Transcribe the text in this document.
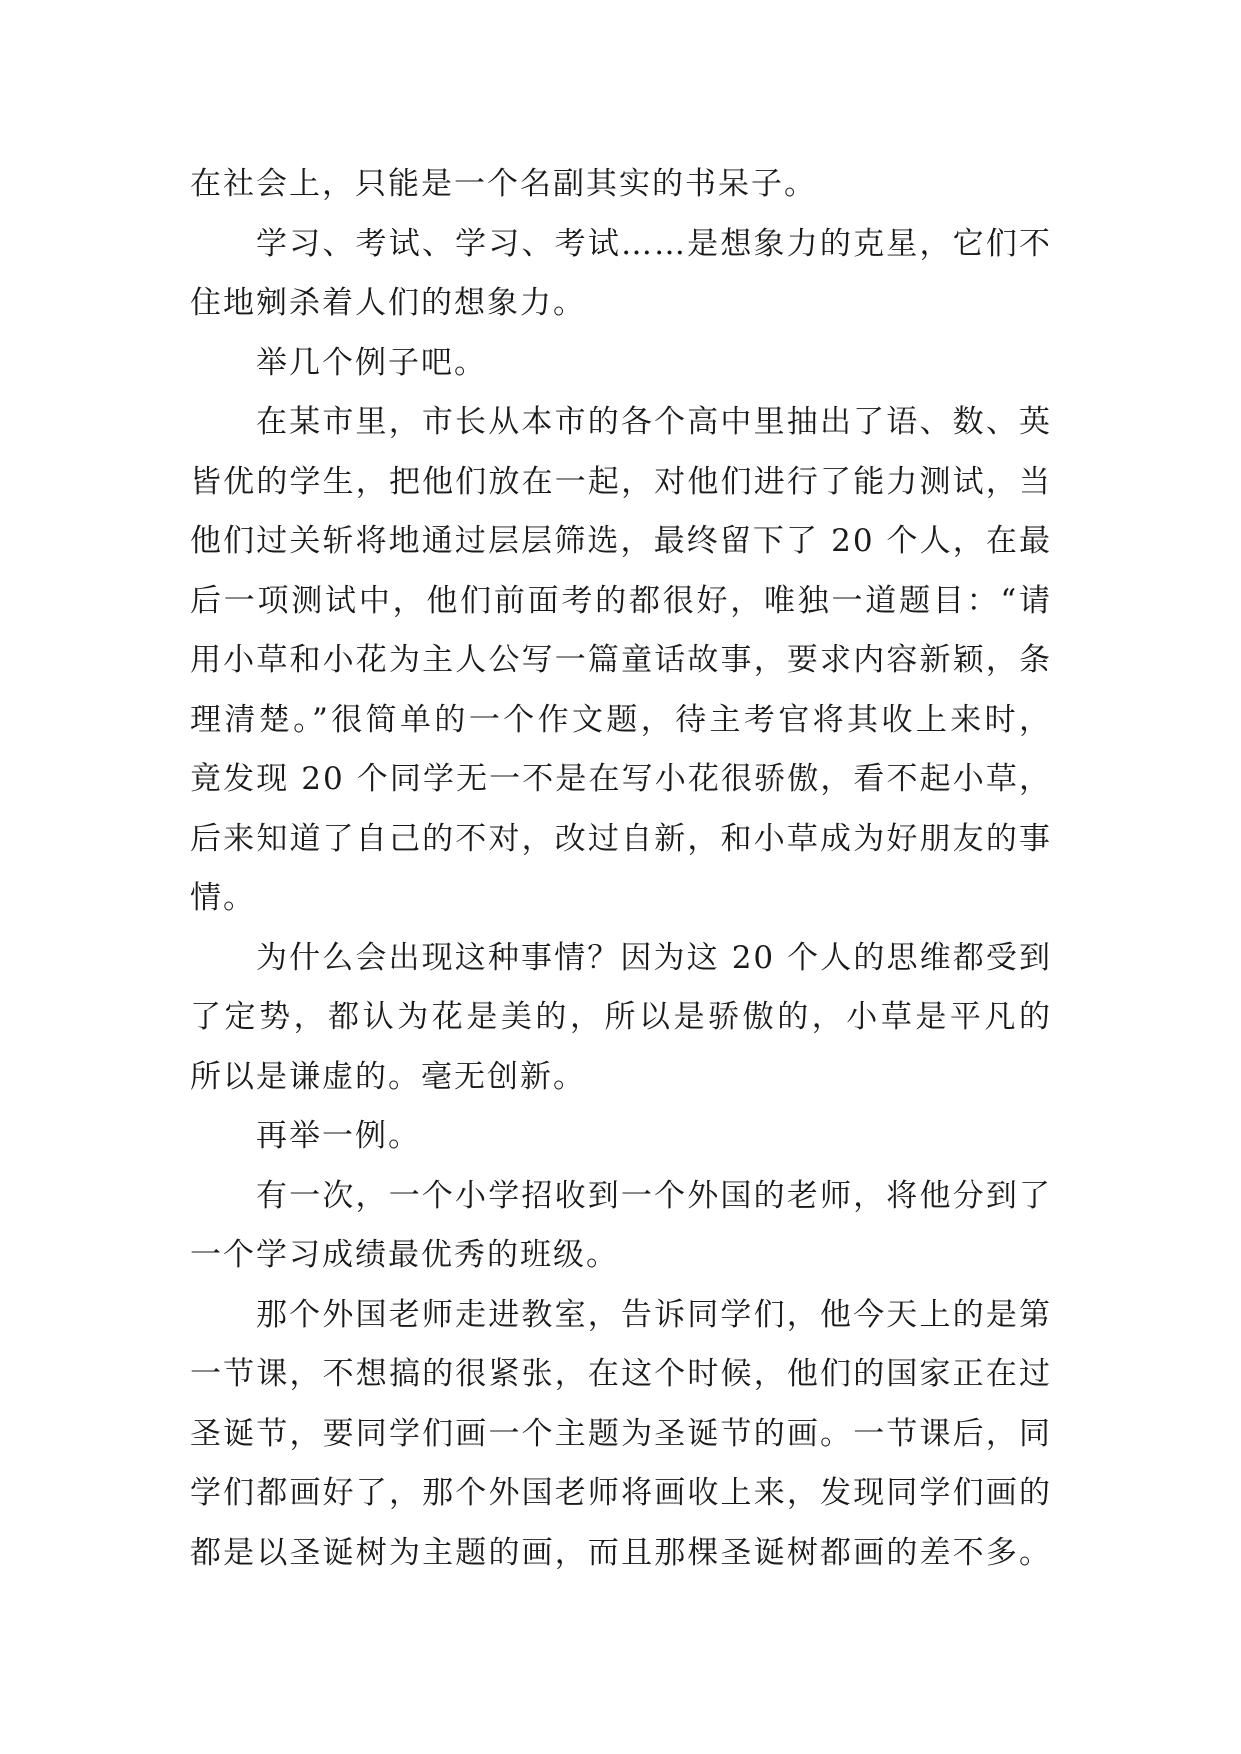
在社会上，只能是一个名副其实的书呆子。
学习、考试、学习、考试……是想象力的克星，它们不
住地剜杀着人们的想象力。
举几个例子吧。
在某市里，市长从本市的各个高中里抽出了语、数、英
皆优的学生，把他们放在一起，对他们进行了能力测试，当
他们过关斩将地通过层层筛选，最终留下了 20 个人，在最
后一项测试中，他们前面考的都很好，唯独一道题目：“请
用小草和小花为主人公写一篇童话故事，要求内容新颖，条
理清楚。”很简单的一个作文题，待主考官将其收上来时，
竟发现 20 个同学无一不是在写小花很骄傲，看不起小草，
后来知道了自己的不对，改过自新，和小草成为好朋友的事
情。
为什么会出现这种事情？因为这 20 个人的思维都受到
了定势，都认为花是美的，所以是骄傲的，小草是平凡的
所以是谦虚的。毫无创新。
再举一例。
有一次，一个小学招收到一个外国的老师，将他分到了
一个学习成绩最优秀的班级。
那个外国老师走进教室，告诉同学们，他今天上的是第
一节课，不想搞的很紧张，在这个时候，他们的国家正在过
圣诞节，要同学们画一个主题为圣诞节的画。一节课后，同
学们都画好了，那个外国老师将画收上来，发现同学们画的
都是以圣诞树为主题的画，而且那棵圣诞树都画的差不多。
